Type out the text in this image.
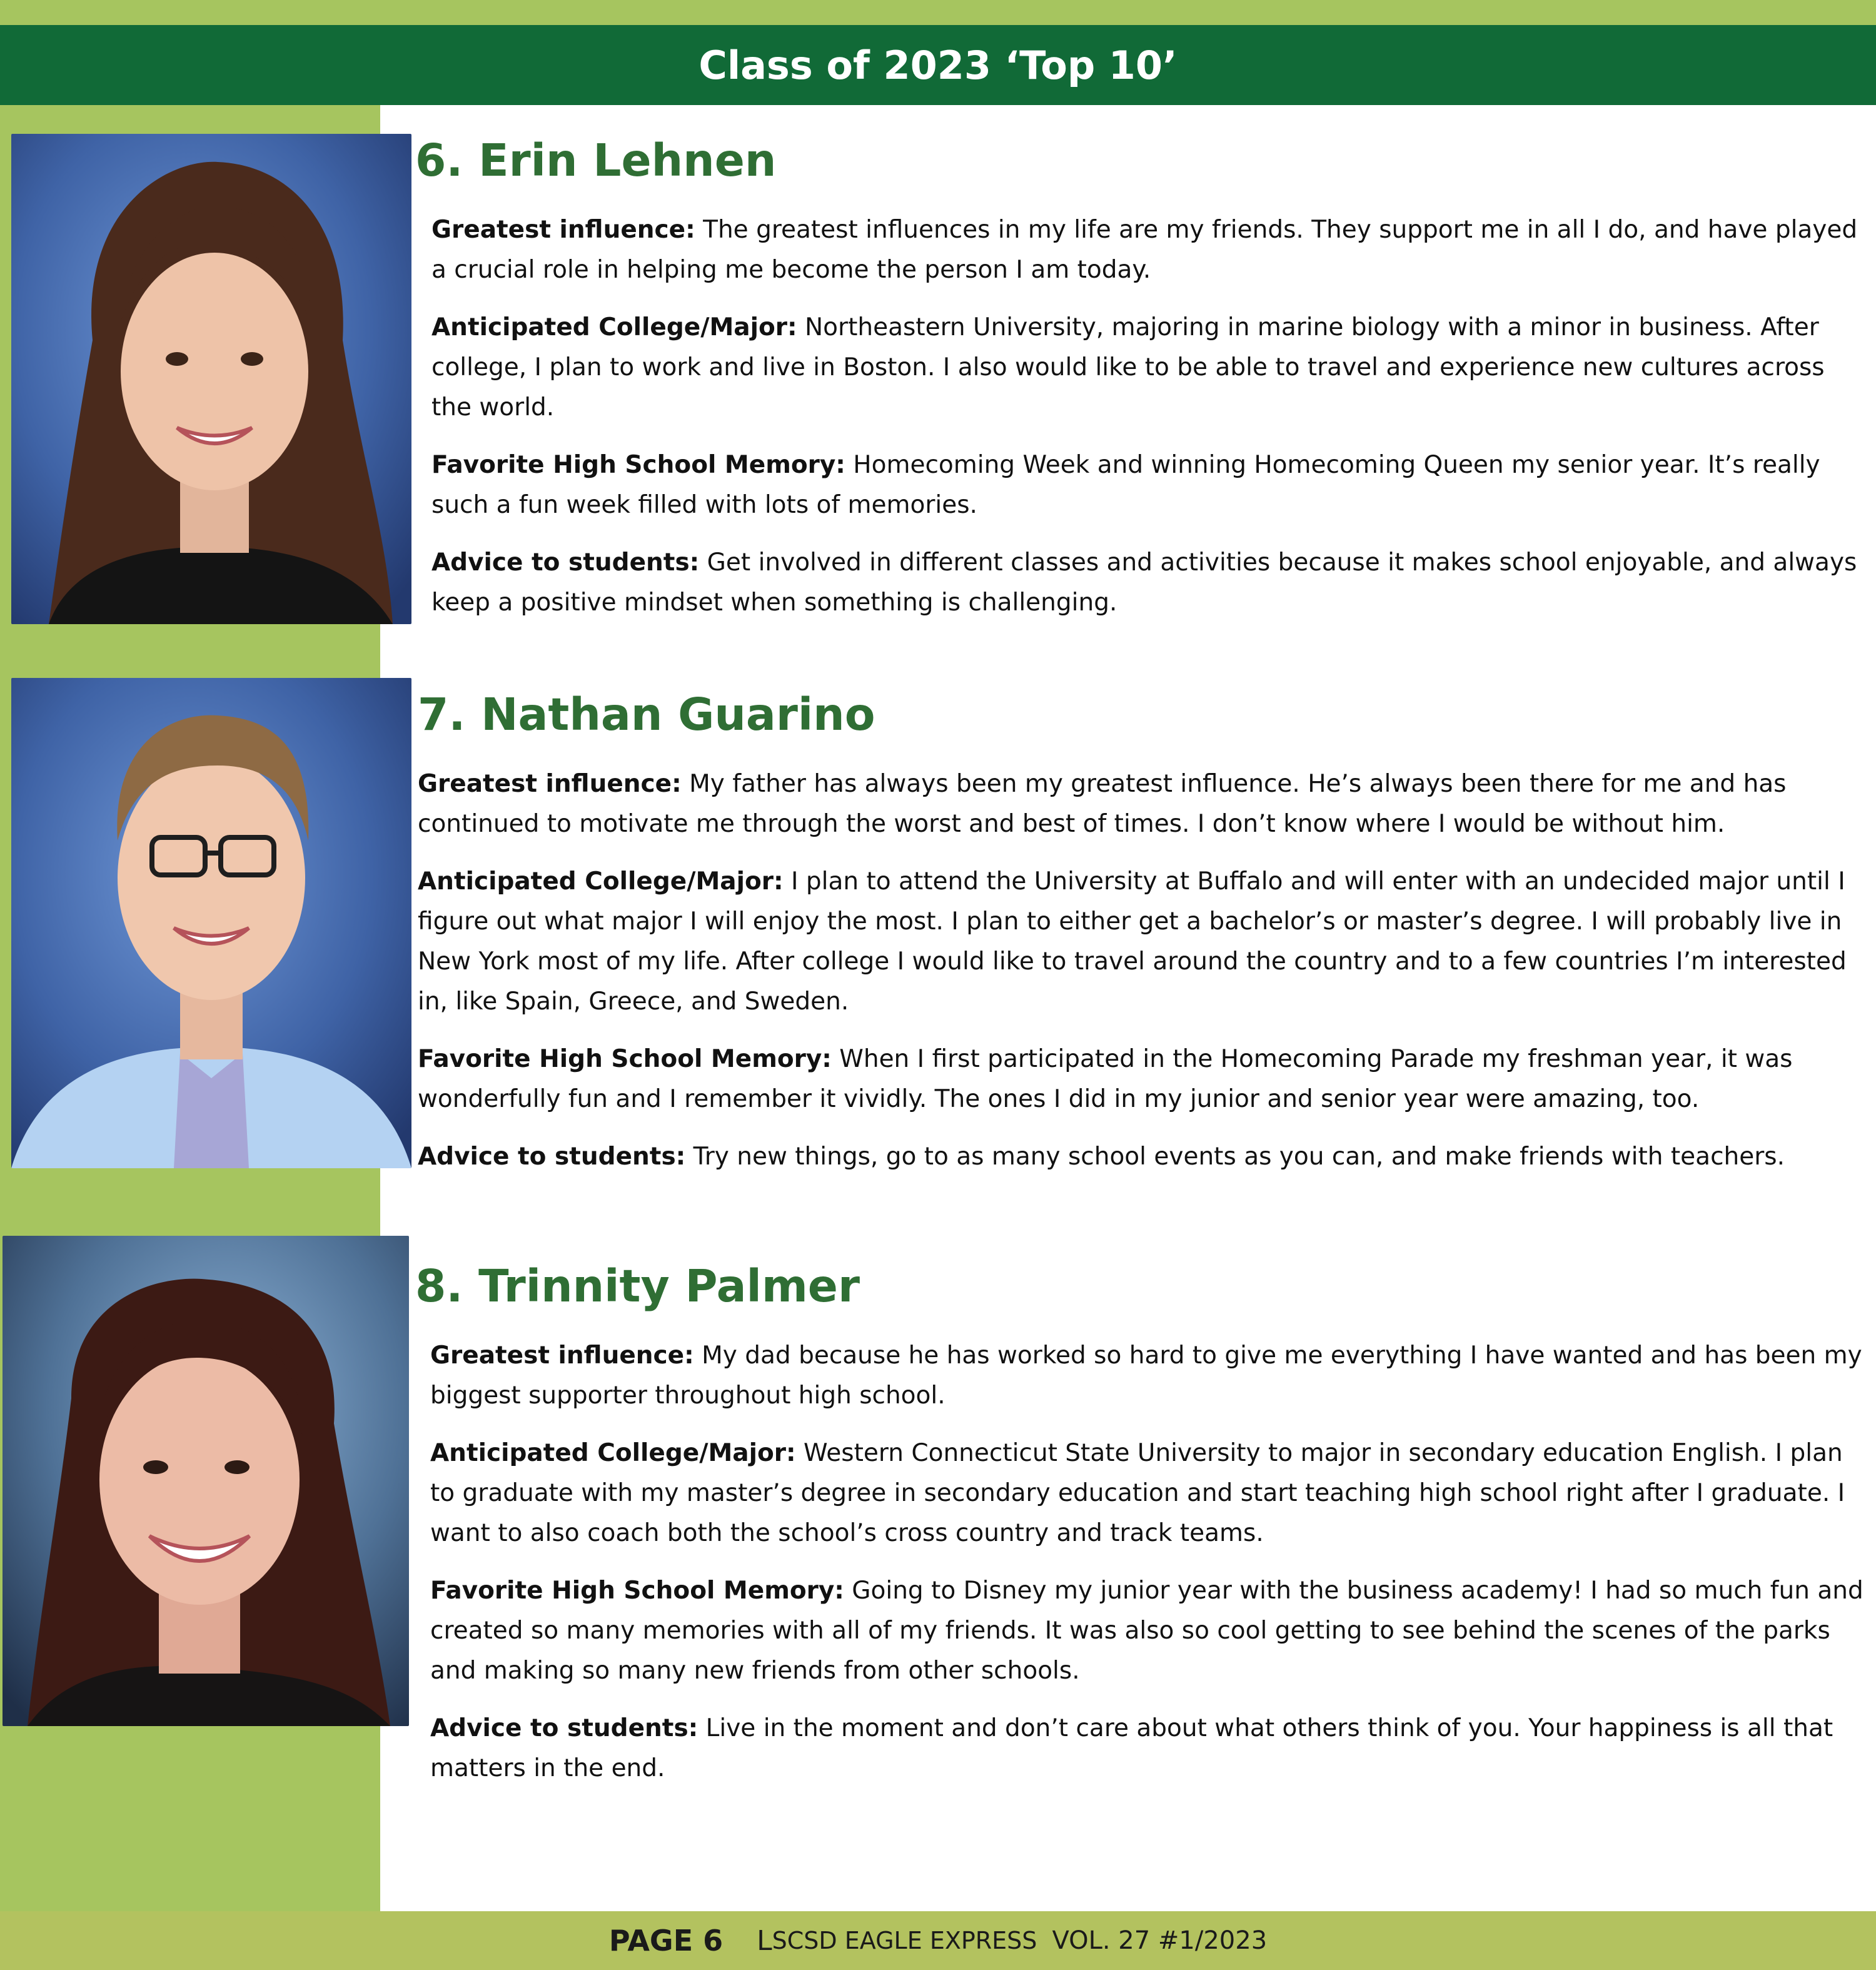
Class of 2023 ‘Top 10’
6. Erin Lehnen

Greatest influence: The greatest influences in my life are my friends. They support me in all I do, and have played a crucial role in helping me become the person I am today.

Anticipated College/Major: Northeastern University, majoring in marine biology with a minor in business. After college, I plan to work and live in Boston. I also would like to be able to travel and experience new cultures across the world.

Favorite High School Memory: Homecoming Week and winning Homecoming Queen my senior year. It’s really such a fun week filled with lots of memories.

Advice to students: Get involved in different classes and activities because it makes school enjoyable, and always keep a positive mindset when something is challenging.

7. Nathan Guarino

Greatest influence: My father has always been my greatest influence. He’s always been there for me and has continued to motivate me through the worst and best of times. I don’t know where I would be without him.

Anticipated College/Major: I plan to attend the University at Buffalo and will enter with an undecided major until I figure out what major I will enjoy the most. I plan to either get a bachelor’s or master’s degree. I will probably live in New York most of my life. After college I would like to travel around the country and to a few countries I’m interested in, like Spain, Greece, and Sweden.

Favorite High School Memory: When I first participated in the Homecoming Parade my freshman year, it was wonderfully fun and I remember it vividly. The ones I did in my junior and senior year were amazing, too.

Advice to students: Try new things, go to as many school events as you can, and make friends with teachers.

8. Trinnity Palmer

Greatest influence: My dad because he has worked so hard to give me everything I have wanted and has been my biggest supporter throughout high school.

Anticipated College/Major: Western Connecticut State University to major in secondary education English. I plan to graduate with my master’s degree in secondary education and start teaching high school right after I graduate. I want to also coach both the school’s cross country and track teams.

Favorite High School Memory: Going to Disney my junior year with the business academy! I had so much fun and created so many memories with all of my friends. It was also so cool getting to see behind the scenes of the parks and making so many new friends from other schools.

Advice to students: Live in the moment and don’t care about what others think of you. Your happiness is all that matters in the end.

PAGE 6 L SCSD EAGLE EXPRESS VOL. 27 #1/2023
